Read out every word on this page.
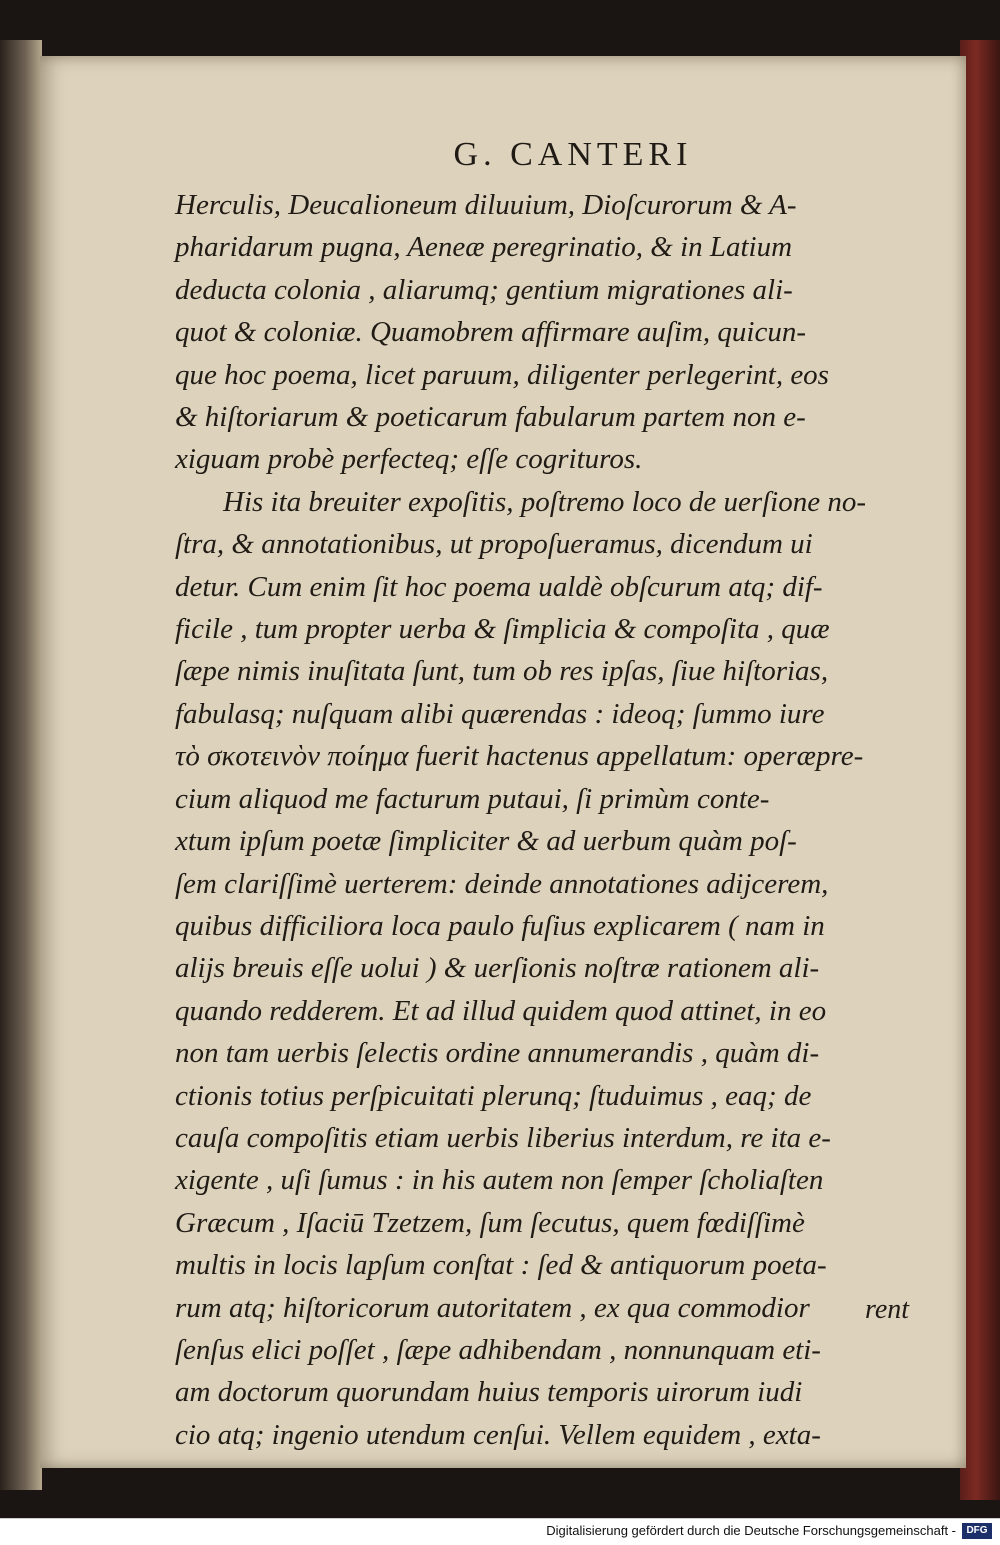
G. CANTERI
Herculis, Deucalioneum diluuium, Dioſcurorum & A-
pharidarum pugna, Aeneæ peregrinatio, & in Latium
deducta colonia , aliarumq; gentium migrationes ali-
quot & coloniæ. Quamobrem affirmare auſim, quicun-
que hoc poema, licet paruum, diligenter perlegerint, eos
& hiſtoriarum & poeticarum fabularum partem non e-
xiguam probè perfecteq; eſſe cogrituros.
His ita breuiter expoſitis, poſtremo loco de uerſione no-
ſtra, & annotationibus, ut propoſueramus, dicendum ui
detur. Cum enim ſit hoc poema ualdè obſcurum atq; dif-
ficile , tum propter uerba & ſimplicia & compoſita , quæ
ſæpe nimis inuſitata ſunt, tum ob res ipſas, ſiue hiſtorias,
fabulasq; nuſquam alibi quærendas : ideoq; ſummo iure
τὸ σκοτεινὸν ποίημα fuerit hactenus appellatum: operæpre-
cium aliquod me facturum putaui, ſi primùm conte-
xtum ipſum poetæ ſimpliciter & ad uerbum quàm poſ-
ſem clariſſimè uerterem: deinde annotationes adijcerem,
quibus difficiliora loca paulo fuſius explicarem ( nam in
alijs breuis eſſe uolui ) & uerſionis noſtræ rationem ali-
quando redderem. Et ad illud quidem quod attinet, in eo
non tam uerbis ſelectis ordine annumerandis , quàm di-
ctionis totius perſpicuitati plerunq; ſtuduimus , eaq; de
cauſa compoſitis etiam uerbis liberius interdum, re ita e-
xigente , uſi ſumus : in his autem non ſemper ſcholiaſten
Græcum , Iſaciū Tzetzem, ſum ſecutus, quem fœdiſſimè
multis in locis lapſum conſtat : ſed & antiquorum poeta-
rum atq; hiſtoricorum autoritatem , ex qua commodior
ſenſus elici poſſet , ſæpe adhibendam , nonnunquam eti-
am doctorum quorundam huius temporis uirorum iudi
cio atq; ingenio utendum cenſui. Vellem equidem , exta-
rent
Digitalisierung gefördert durch die Deutsche Forschungsgemeinschaft -	DFG
